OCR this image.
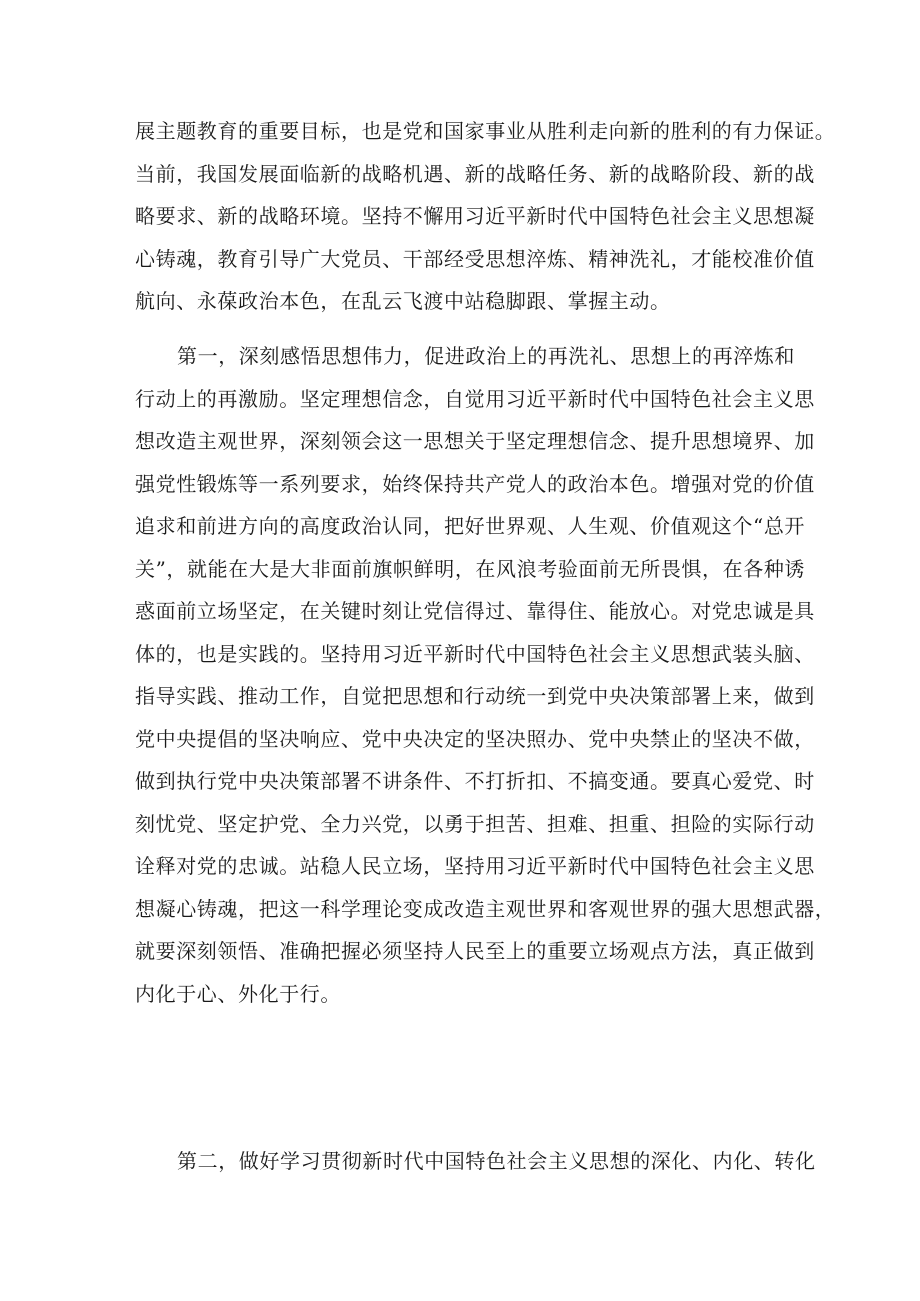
展主题教育的重要目标，也是党和国家事业从胜利走向新的胜利的有力保证。
当前，我国发展面临新的战略机遇、新的战略任务、新的战略阶段、新的战
略要求、新的战略环境。坚持不懈用习近平新时代中国特色社会主义思想凝
心铸魂，教育引导广大党员、干部经受思想淬炼、精神洗礼，才能校准价值
航向、永葆政治本色，在乱云飞渡中站稳脚跟、掌握主动。
第一，深刻感悟思想伟力，促进政治上的再洗礼、思想上的再淬炼和
行动上的再激励。坚定理想信念，自觉用习近平新时代中国特色社会主义思
想改造主观世界，深刻领会这一思想关于坚定理想信念、提升思想境界、加
强党性锻炼等一系列要求，始终保持共产党人的政治本色。增强对党的价值
追求和前进方向的高度政治认同，把好世界观、人生观、价值观这个“总开
关”，就能在大是大非面前旗帜鲜明，在风浪考验面前无所畏惧，在各种诱
惑面前立场坚定，在关键时刻让党信得过、靠得住、能放心。对党忠诚是具
体的，也是实践的。坚持用习近平新时代中国特色社会主义思想武装头脑、
指导实践、推动工作，自觉把思想和行动统一到党中央决策部署上来，做到
党中央提倡的坚决响应、党中央决定的坚决照办、党中央禁止的坚决不做，
做到执行党中央决策部署不讲条件、不打折扣、不搞变通。要真心爱党、时
刻忧党、坚定护党、全力兴党，以勇于担苦、担难、担重、担险的实际行动
诠释对党的忠诚。站稳人民立场，坚持用习近平新时代中国特色社会主义思
想凝心铸魂，把这一科学理论变成改造主观世界和客观世界的强大思想武器，
就要深刻领悟、准确把握必须坚持人民至上的重要立场观点方法，真正做到
内化于心、外化于行。
第二，做好学习贯彻新时代中国特色社会主义思想的深化、内化、转化
